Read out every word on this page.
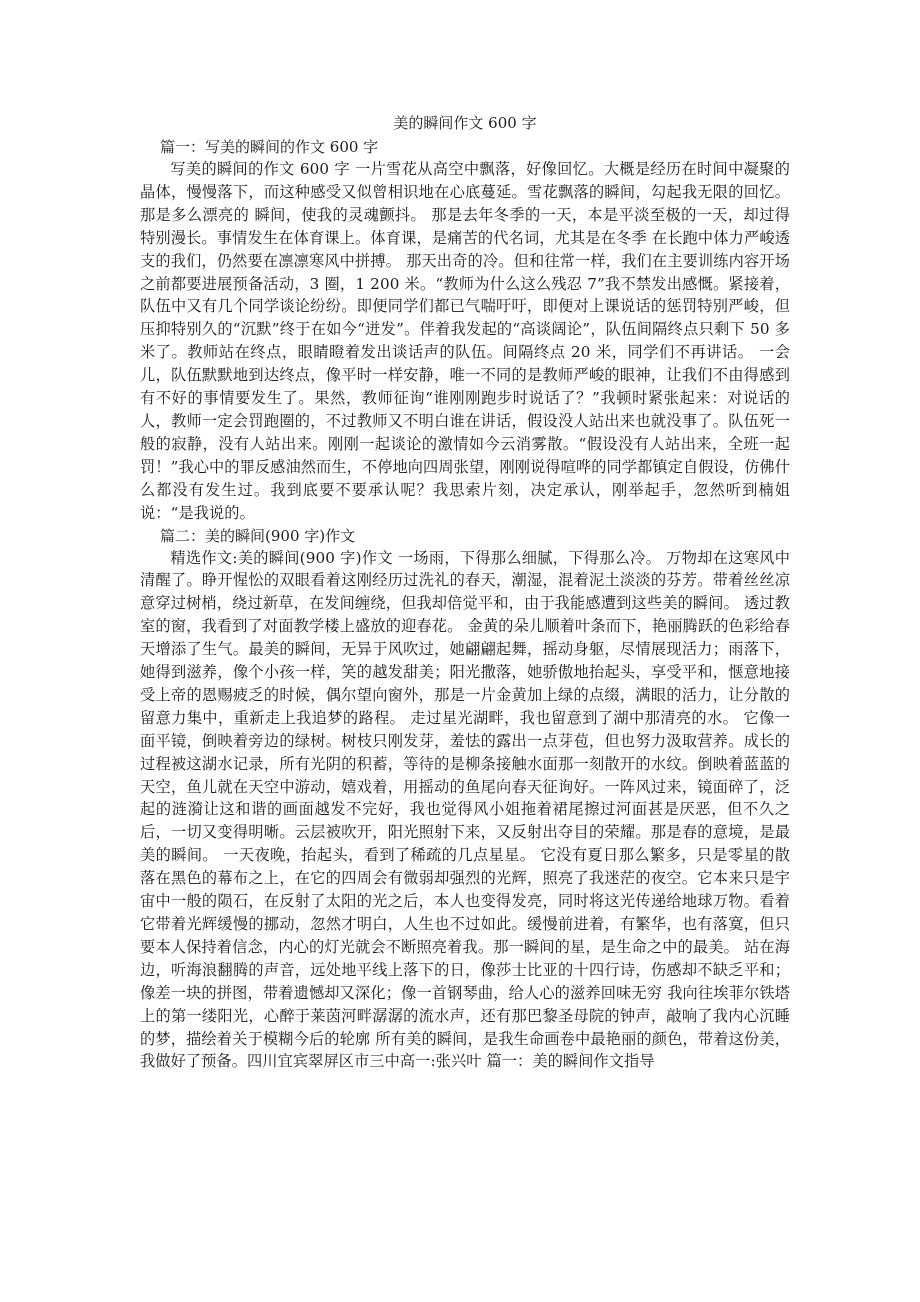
美的瞬间作文 600 字
篇一：写美的瞬间的作文 600 字

写美的瞬间的作文 600 字 一片雪花从高空中飘落，好像回忆。大概是经历在时间中凝聚的晶体，慢慢落下，而这种感受又似曾相识地在心底蔓延。雪花飘落的瞬间，勾起我无限的回忆。那是多么漂亮的 瞬间，使我的灵魂颤抖。 那是去年冬季的一天，本是平淡至极的一天，却过得特别漫长。事情发生在体育课上。体育课，是痛苦的代名词，尤其是在冬季 在长跑中体力严峻透支的我们，仍然要在凛凛寒风中拼搏。 那天出奇的冷。但和往常一样，我们在主要训练内容开场之前都要进展预备活动，3 圈，1 200 米。“教师为什么这么残忍 7”我不禁发出感慨。紧接着，队伍中又有几个同学谈论纷纷。即便同学们都已气喘吁吁，即便对上课说话的惩罚特别严峻，但压抑特别久的“沉默”终于在如今“迸发”。伴着我发起的“高谈阔论”，队伍间隔终点只剩下 50 多米了。教师站在终点，眼睛瞪着发出谈话声的队伍。间隔终点 20 米，同学们不再讲话。 一会儿，队伍默默地到达终点，像平时一样安静，唯一不同的是教师严峻的眼神，让我们不由得感到有不好的事情要发生了。果然，教师征询“谁刚刚跑步时说话了？”我顿时紧张起来：对说话的人，教师一定会罚跑圈的，不过教师又不明白谁在讲话，假设没人站出来也就没事了。队伍死一般的寂静，没有人站出来。刚刚一起谈论的激情如今云消雾散。“假设没有人站出来，全班一起罚！”我心中的罪反感油然而生，不停地向四周张望，刚刚说得喧哗的同学都镇定自假设，仿佛什么都没有发生过。我到底要不要承认呢？我思索片刻，决定承认，刚举起手，忽然听到楠姐说：“是我说的。

篇二：美的瞬间(900 字)作文

精选作文:美的瞬间(900 字)作文 一场雨，下得那么细腻，下得那么冷。 万物却在这寒风中清醒了。睁开惺忪的双眼看着这刚经历过洗礼的春天，潮湿，混着泥土淡淡的芬芳。带着丝丝凉意穿过树梢，绕过新草，在发间缠绕，但我却倍觉平和，由于我能感遭到这些美的瞬间。 透过教室的窗，我看到了对面教学楼上盛放的迎春花。 金黄的朵儿顺着叶条而下，艳丽腾跃的色彩给春天增添了生气。最美的瞬间，无异于风吹过，她翩翩起舞，摇动身躯，尽情展现活力；雨落下，她得到滋养，像个小孩一样，笑的越发甜美；阳光撒落，她骄傲地抬起头，享受平和，惬意地接受上帝的恩赐疲乏的时候，偶尔望向窗外，那是一片金黄加上绿的点缀，满眼的活力，让分散的留意力集中，重新走上我追梦的路程。 走过星光湖畔，我也留意到了湖中那清亮的水。 它像一面平镜，倒映着旁边的绿树。树枝只刚发芽，羞怯的露出一点芽苞，但也努力汲取营养。成长的过程被这湖水记录，所有光阴的积蓄，等待的是柳条接触水面那一刻散开的水纹。倒映着蓝蓝的天空，鱼儿就在天空中游动，嬉戏着，用摇动的鱼尾向春天征询好。一阵风过来，镜面碎了，泛起的涟漪让这和谐的画面越发不完好，我也觉得风小姐拖着裙尾擦过河面甚是厌恶，但不久之后，一切又变得明晰。云层被吹开，阳光照射下来，又反射出夺目的荣耀。那是春的意境，是最美的瞬间。 一天夜晚，抬起头，看到了稀疏的几点星星。 它没有夏日那么繁多，只是零星的散落在黑色的幕布之上，在它的四周会有微弱却强烈的光辉，照亮了我迷茫的夜空。它本来只是宇宙中一般的陨石，在反射了太阳的光之后，本人也变得发亮，同时将这光传递给地球万物。看着它带着光辉缓慢的挪动，忽然才明白，人生也不过如此。缓慢前进着，有繁华，也有落寞，但只要本人保持着信念，内心的灯光就会不断照亮着我。那一瞬间的星，是生命之中的最美。 站在海边，听海浪翻腾的声音，远处地平线上落下的日，像莎士比亚的十四行诗，伤感却不缺乏平和；像差一块的拼图，带着遗憾却又深化；像一首钢琴曲，给人心的滋养回味无穷 我向往埃菲尔铁塔上的第一缕阳光，心醉于莱茵河畔潺潺的流水声，还有那巴黎圣母院的钟声，敲响了我内心沉睡的梦，描绘着关于模糊今后的轮廓 所有美的瞬间，是我生命画卷中最艳丽的颜色，带着这份美，我做好了预备。四川宜宾翠屏区市三中高一:张兴叶 篇一：美的瞬间作文指导
